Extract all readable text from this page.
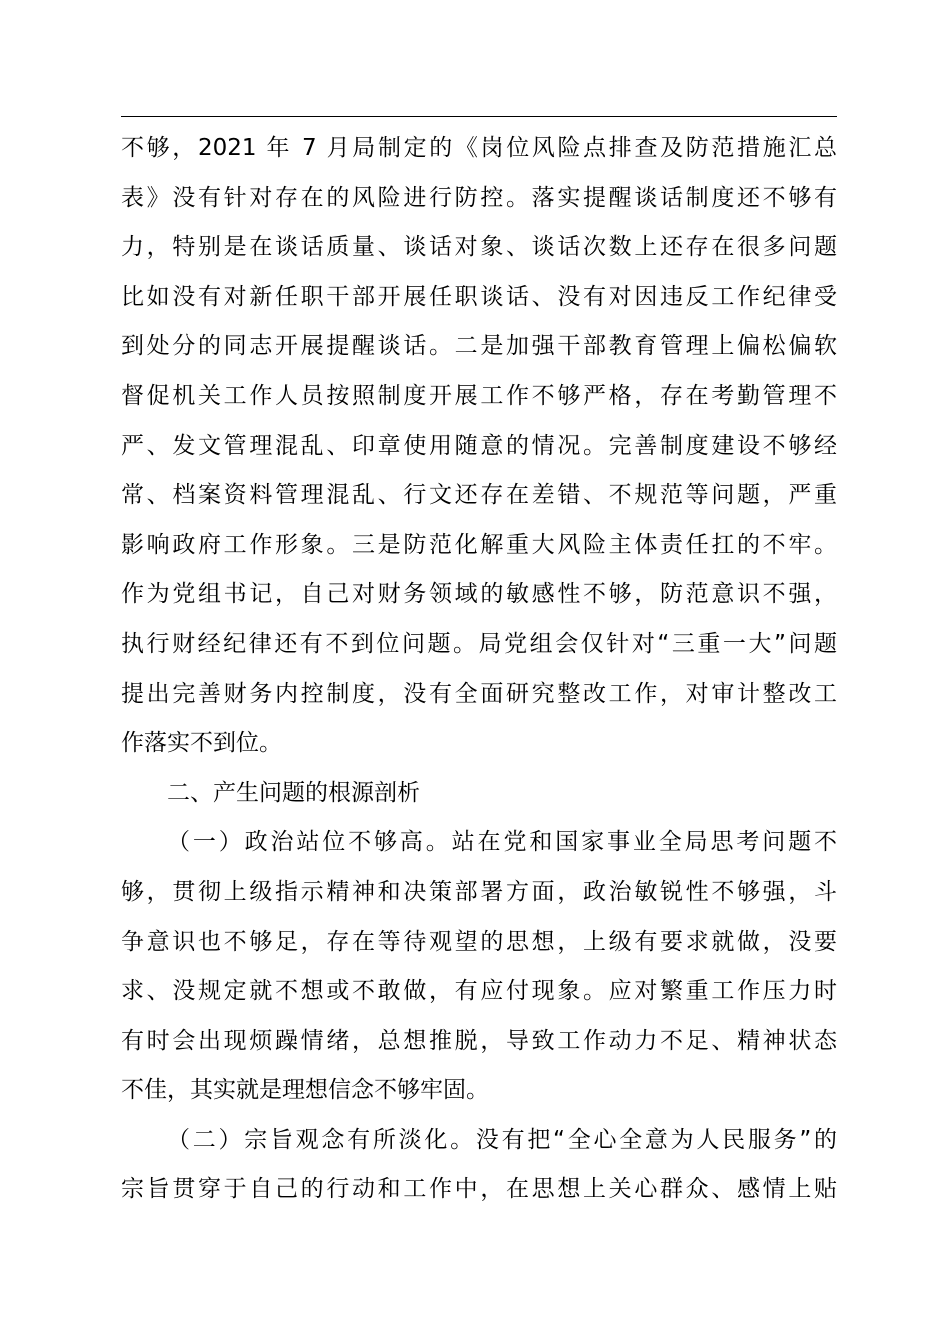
不够，2021 年 7 月局制定的《岗位风险点排查及防范措施汇总
表》没有针对存在的风险进行防控。落实提醒谈话制度还不够有
力，特别是在谈话质量、谈话对象、谈话次数上还存在很多问题
比如没有对新任职干部开展任职谈话、没有对因违反工作纪律受
到处分的同志开展提醒谈话。二是加强干部教育管理上偏松偏软
督促机关工作人员按照制度开展工作不够严格，存在考勤管理不
严、发文管理混乱、印章使用随意的情况。完善制度建设不够经
常、档案资料管理混乱、行文还存在差错、不规范等问题，严重
影响政府工作形象。三是防范化解重大风险主体责任扛的不牢。
作为党组书记，自己对财务领域的敏感性不够，防范意识不强，
执行财经纪律还有不到位问题。局党组会仅针对“三重一大”问题
提出完善财务内控制度，没有全面研究整改工作，对审计整改工
作落实不到位。
二、产生问题的根源剖析
（一）政治站位不够高。站在党和国家事业全局思考问题不
够，贯彻上级指示精神和决策部署方面，政治敏锐性不够强，斗
争意识也不够足，存在等待观望的思想，上级有要求就做，没要
求、没规定就不想或不敢做，有应付现象。应对繁重工作压力时
有时会出现烦躁情绪，总想推脱，导致工作动力不足、精神状态
不佳，其实就是理想信念不够牢固。
（二）宗旨观念有所淡化。没有把“全心全意为人民服务”的
宗旨贯穿于自己的行动和工作中，在思想上关心群众、感情上贴
